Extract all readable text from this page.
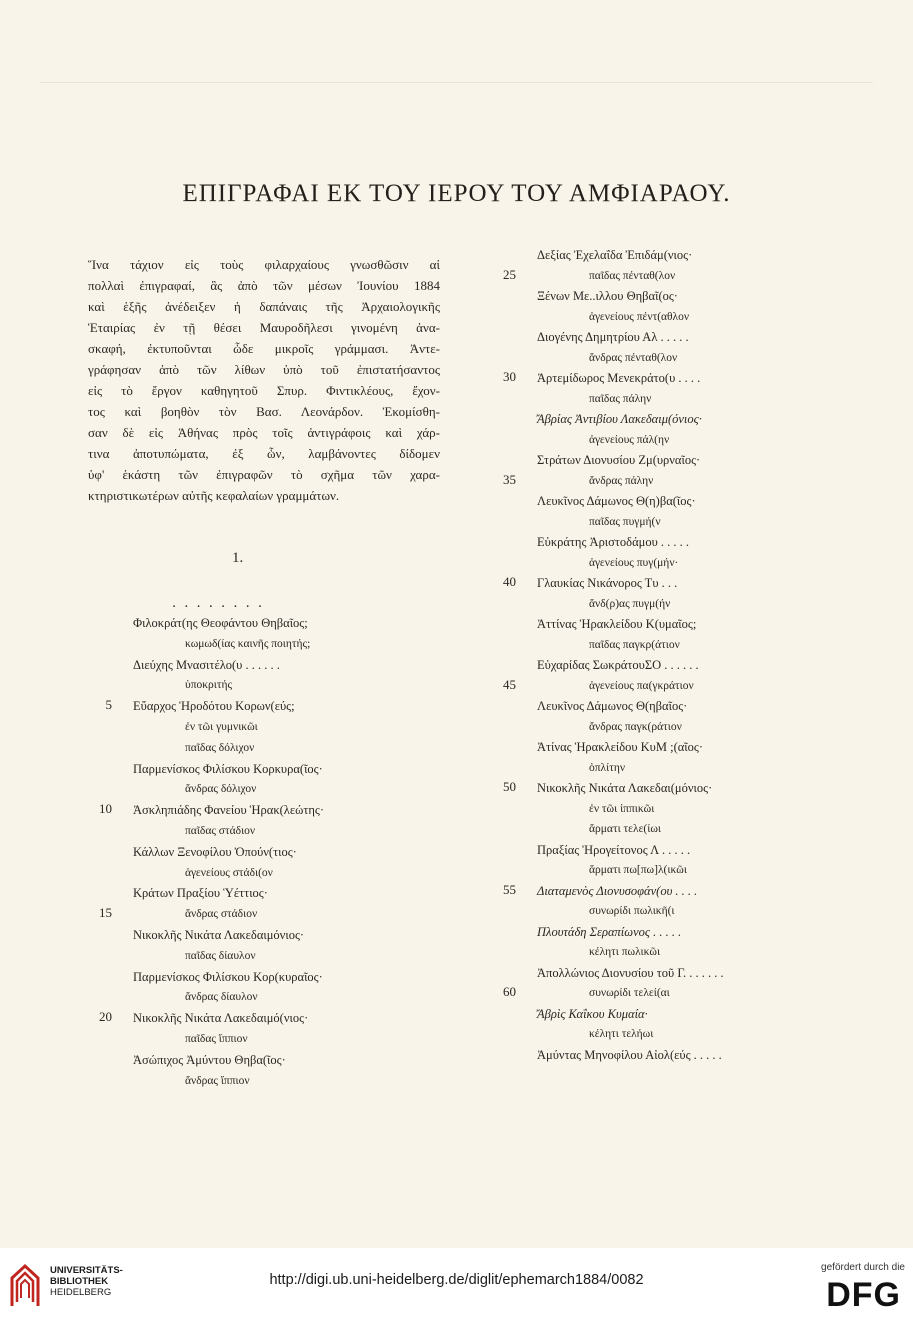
ΕΠΙΓΡΑΦΑΙ ΕΚ ΤΟΥ ΙΕΡΟΥ ΤΟΥ ΑΜΦΙΑΡΑΟΥ.
Ἵνα τάχιον εἰς τοὺς φιλαρχαίους γνωσθῶσιν αἱ
πολλαὶ ἐπιγραφαί, ἃς ἀπὸ τῶν μέσων Ἰουνίου 1884
καὶ ἑξῆς ἀνέδειξεν ἡ δαπάναις τῆς Ἀρχαιολογικῆς
Ἑταιρίας ἐν τῇ θέσει Μαυροδῆλεσι γινομένη ἀνα-
σκαφή, ἐκτυποῦνται ὧδε μικροῖς γράμμασι. Ἀντε-
γράφησαν ἀπὸ τῶν λίθων ὑπὸ τοῦ ἐπιστατήσαντος
εἰς τὸ ἔργον καθηγητοῦ Σπυρ. Φιντικλέους, ἔχον-
τος καὶ βοηθὸν τὸν Βασ. Λεονάρδον. Ἐκομίσθη-
σαν δὲ εἰς Ἀθήνας πρὸς τοῖς ἀντιγράφοις καὶ χάρ-
τινα ἀποτυπώματα, ἐξ ὧν, λαμβάνοντες δίδομεν
ὑφ' ἑκάστη τῶν ἐπιγραφῶν τὸ σχῆμα τῶν χαρα-
κτηριστικωτέρων αὐτῆς κεφαλαίων γραμμάτων.
1.
. . . . . . . .
Φιλοκράτ(ης Θεοφάντου Θηβαῖος;
κωμωδ(ίας καινῆς ποιητής;
Διεύχης Μνασιτέλο(υ . . . . . .
ὑποκριτής
Εὔαρχος Ἡροδότου Κορων(εύς;
5
ἐν τῶι γυμνικῶι
παῖδας δόλιχον
Παρμενίσκος Φιλίσκου Κορκυρα(ῖος·
ἄνδρας δόλιχον
Ἀσκληπιάδης Φανείου Ἡρακ(λεώτης·
10
παῖδας στάδιον
Κάλλων Ξενοφίλου Ὀπούν(τιος·
ἀγενείους στάδι(ον
Κράτων Πραξίου Ὑέττιος·
ἄνδρας στάδιον
15
Νικοκλῆς Νικάτα Λακεδαιμόνιος·
παῖδας δίαυλον
Παρμενίσκος Φιλίσκου Κορ(κυραῖος·
ἄνδρας δίαυλον
Νικοκλῆς Νικάτα Λακεδαιμό(νιος·
20
παῖδας ἵππιον
Ἀσώπιχος Ἀμύντου Θηβα(ῖος·
ἄνδρας ἵππιον
Δεξίας Ἐχελαΐδα Ἐπιδάμ(νιος·
παῖδας πένταθ(λον
25
Ξένων Με..ιλλου Θηβαῖ(ος·
ἀγενείους πέντ(αθλον
Διογένης Δημητρίου Αλ . . . . .
ἄνδρας πένταθ(λον
Ἀρτεμίδωρος Μενεκράτο(υ . . . .
30
παῖδας πάλην
Ἄβρίας Ἀντιβίου Λακεδαιμ(όνιος·
ἀγενείους πάλ(ην
Στράτων Διονυσίου Ζμ(υρναῖος·
ἄνδρας πάλην
35
Λευκῖνος Δάμωνος Θ(η)βα(ῖος·
παῖδας πυγμή(ν
Εὐκράτης Ἀριστοδάμου . . . . .
ἀγενείους πυγ(μήν·
Γλαυκίας Νικάνορος Τυ . . .
40
ἄνδ(ρ)ας πυγμ(ήν
Ἀττίνας Ἡρακλείδου Κ(υμαῖος;
παῖδας παγκρ(άτιον
Εὐχαρίδας ΣωκράτουΣΟ . . . . . .
ἀγενείους πα(γκράτιον
45
Λευκῖνος Δάμωνος Θ(ηβαῖος·
ἄνδρας παγκ(ράτιον
Ἀτίνας Ἡρακλείδου ΚυΜ ;(αῖος·
ὁπλίτην
Νικοκλῆς Νικάτα Λακεδαι(μόνιος·
50
ἐν τῶι ἱππικῶι
ἅρματι τελε(ίωι
Πραξίας Ἡρογείτονος Λ . . . . .
ἅρματι πω[πω]λ(ικῶι
Διαταμενὸς Διονυσοφάν(ου . . . .
55
συνωρίδι πωλικῆ(ι
Πλουτάδη Σεραπίωνος . . . . .
κέλητι πωλικῶι
Ἀπολλώνιος Διονυσίου τοῦ Γ. . . . . . .
συνωρίδι τελεί(αι
60
Ἄβρὶς Καΐκου Κυμαία·
κέλητι τελήωι
Ἀμύντας Μηνοφίλου Αἰολ(εύς . . . . .
UNIVERSITÄTS-
BIBLIOTHEK
HEIDELBERG
http://digi.ub.uni-heidelberg.de/diglit/ephemarch1884/0082
gefördert durch die
DFG
